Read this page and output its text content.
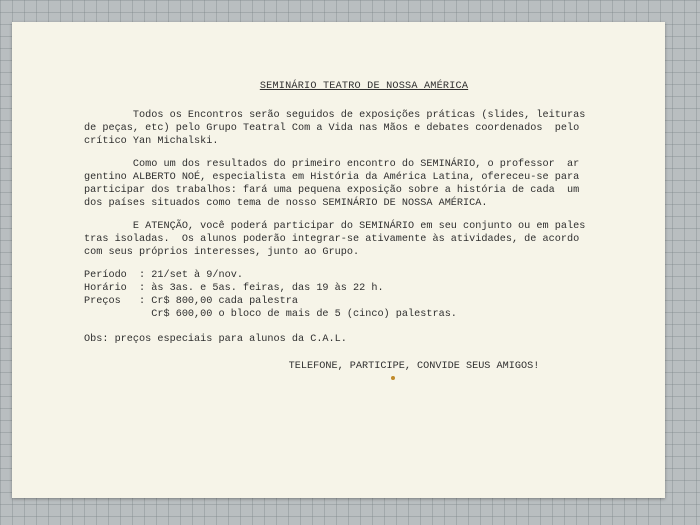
SEMINÁRIO TEATRO DE NOSSA AMÉRICA
Todos os Encontros serão seguidos de exposições práticas (slides, leituras
de peças, etc) pelo Grupo Teatral Com a Vida nas Mãos e debates coordenados  pelo
crítico Yan Michalski.
Como um dos resultados do primeiro encontro do SEMINÁRIO, o professor  ar
gentino ALBERTO NOÉ, especialista em História da América Latina, ofereceu-se para
participar dos trabalhos: fará uma pequena exposição sobre a história de cada  um
dos países situados como tema de nosso SEMINÁRIO DE NOSSA AMÉRICA.
E ATENÇÃO, você poderá participar do SEMINÁRIO em seu conjunto ou em pales
tras isoladas.  Os alunos poderão integrar-se ativamente às atividades, de acordo
com seus próprios interesses, junto ao Grupo.
Período  : 21/set à 9/nov.
Horário  : às 3as. e 5as. feiras, das 19 às 22 h.
Preços   : Cr$ 800,00 cada palestra
Cr$ 600,00 o bloco de mais de 5 (cinco) palestras.
Obs: preços especiais para alunos da C.A.L.
TELEFONE, PARTICIPE, CONVIDE SEUS AMIGOS!
